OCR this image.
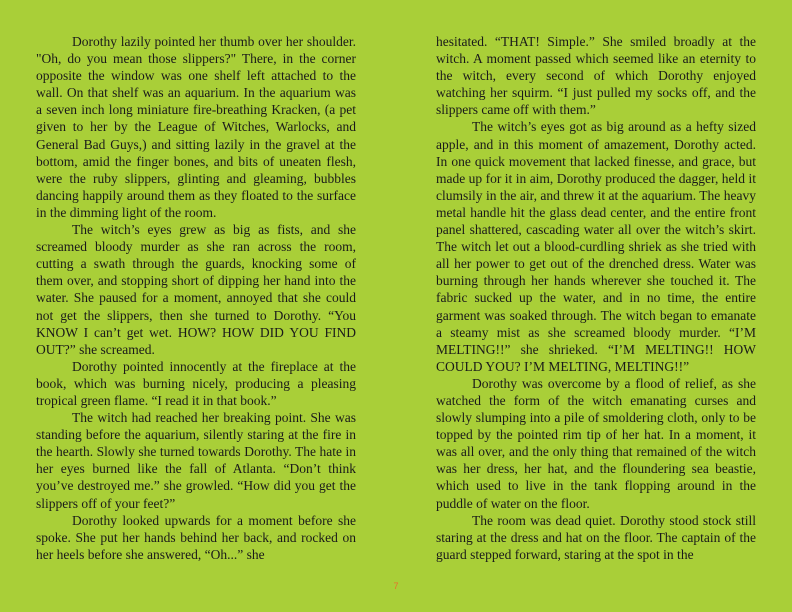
Dorothy lazily pointed her thumb over her shoulder. "Oh, do you mean those slippers?" There, in the corner opposite the window was one shelf left attached to the wall. On that shelf was an aquarium. In the aquarium was a seven inch long miniature fire-breathing Kracken, (a pet given to her by the League of Witches, Warlocks, and General Bad Guys,) and sitting lazily in the gravel at the bottom, amid the finger bones, and bits of uneaten flesh, were the ruby slippers, glinting and gleaming, bubbles dancing happily around them as they floated to the surface in the dimming light of the room.

The witch’s eyes grew as big as fists, and she screamed bloody murder as she ran across the room, cutting a swath through the guards, knocking some of them over, and stopping short of dipping her hand into the water. She paused for a moment, annoyed that she could not get the slippers, then she turned to Dorothy. “You KNOW I can’t get wet. HOW? HOW DID YOU FIND OUT?” she screamed.

Dorothy pointed innocently at the fireplace at the book, which was burning nicely, producing a pleasing tropical green flame. “I read it in that book.”

The witch had reached her breaking point. She was standing before the aquarium, silently staring at the fire in the hearth. Slowly she turned towards Dorothy. The hate in her eyes burned like the fall of Atlanta. “Don’t think you’ve destroyed me.” she growled. “How did you get the slippers off of your feet?”

Dorothy looked upwards for a moment before she spoke. She put her hands behind her back, and rocked on her heels before she answered, “Oh...” she

hesitated. “THAT! Simple.” She smiled broadly at the witch. A moment passed which seemed like an eternity to the witch, every second of which Dorothy enjoyed watching her squirm. “I just pulled my socks off, and the slippers came off with them.”

The witch’s eyes got as big around as a hefty sized apple, and in this moment of amazement, Dorothy acted. In one quick movement that lacked finesse, and grace, but made up for it in aim, Dorothy produced the dagger, held it clumsily in the air, and threw it at the aquarium. The heavy metal handle hit the glass dead center, and the entire front panel shattered, cascading water all over the witch’s skirt. The witch let out a blood-curdling shriek as she tried with all her power to get out of the drenched dress. Water was burning through her hands wherever she touched it. The fabric sucked up the water, and in no time, the entire garment was soaked through. The witch began to emanate a steamy mist as she screamed bloody murder. “I’M MELTING!!” she shrieked. “I’M MELTING!! HOW COULD YOU? I’M MELTING, MELTING!!”

Dorothy was overcome by a flood of relief, as she watched the form of the witch emanating curses and slowly slumping into a pile of smoldering cloth, only to be topped by the pointed rim tip of her hat. In a moment, it was all over, and the only thing that remained of the witch was her dress, her hat, and the floundering sea beastie, which used to live in the tank flopping around in the puddle of water on the floor.

The room was dead quiet. Dorothy stood stock still staring at the dress and hat on the floor. The captain of the guard stepped forward, staring at the spot in the

7
